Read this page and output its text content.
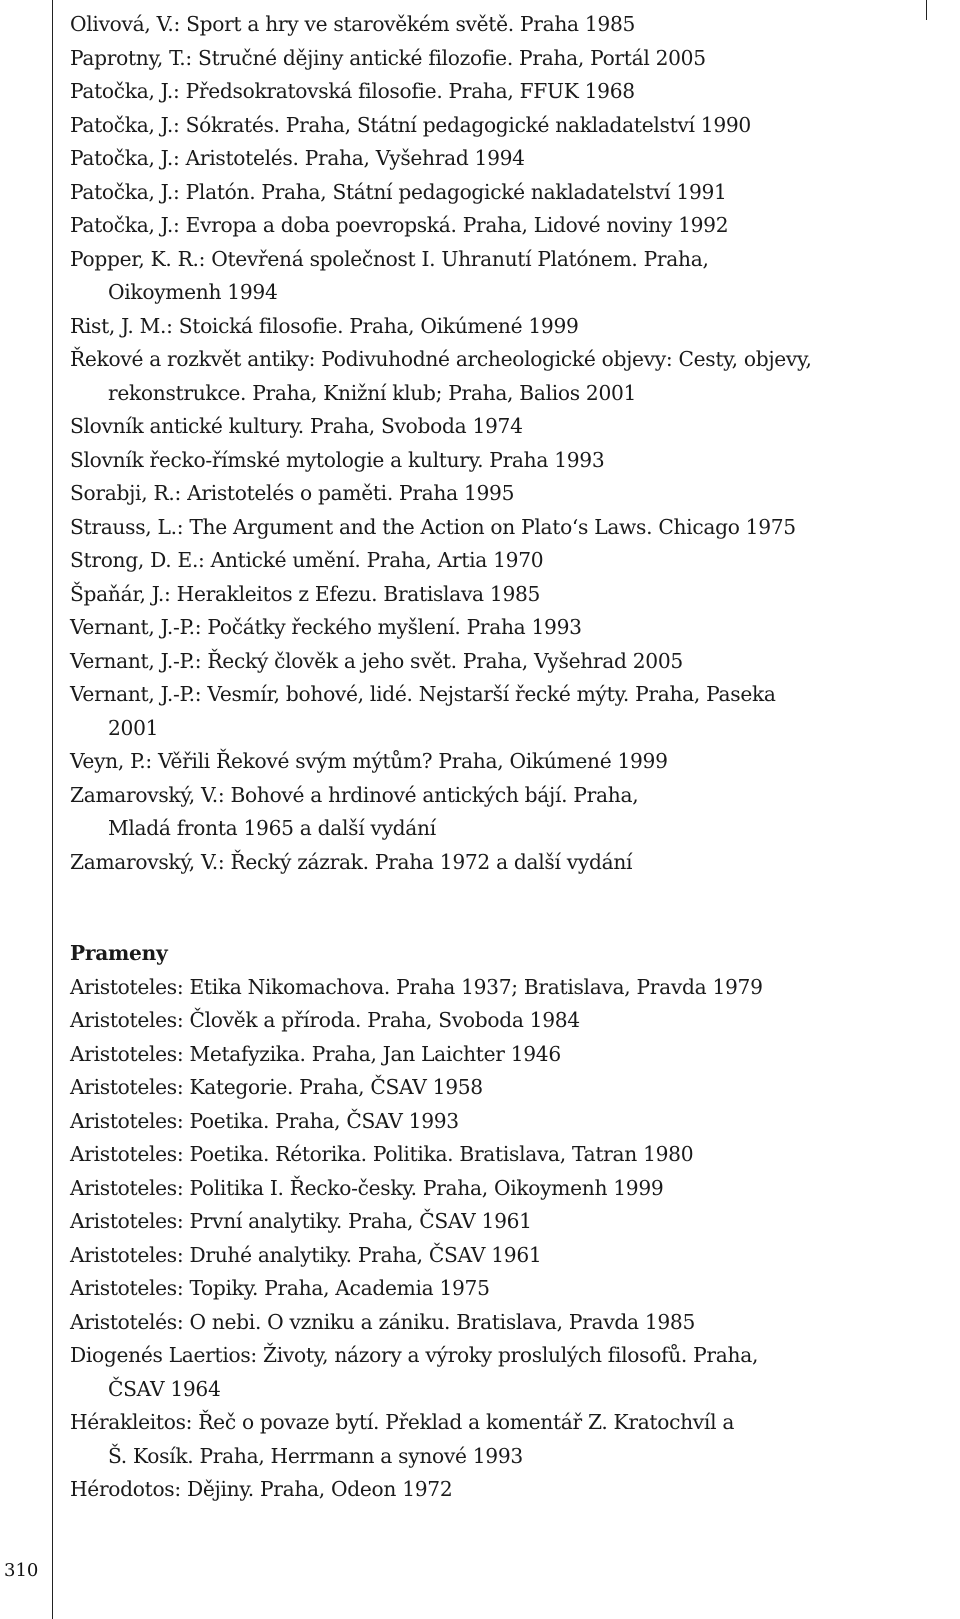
Olivová, V.: Sport a hry ve starověkém světě. Praha 1985

Paprotny, T.: Stručné dějiny antické filozofie. Praha, Portál 2005

Patočka, J.: Předsokratovská filosofie. Praha, FFUK 1968

Patočka, J.: Sókratés. Praha, Státní pedagogické nakladatelství 1990

Patočka, J.: Aristotelés. Praha, Vyšehrad 1994

Patočka, J.: Platón. Praha, Státní pedagogické nakladatelství 1991

Patočka, J.: Evropa a doba poevropská. Praha, Lidové noviny 1992

Popper, K. R.: Otevřená společnost I. Uhranutí Platónem. Praha,
Oikoymenh 1994

Rist, J. M.: Stoická filosofie. Praha, Oikúmené 1999

Řekové a rozkvět antiky: Podivuhodné archeologické objevy: Cesty, objevy,
rekonstrukce. Praha, Knižní klub; Praha, Balios 2001

Slovník antické kultury. Praha, Svoboda 1974

Slovník řecko-římské mytologie a kultury. Praha 1993

Sorabji, R.: Aristotelés o paměti. Praha 1995

Strauss, L.: The Argument and the Action on Plato‘s Laws. Chicago 1975

Strong, D. E.: Antické umění. Praha, Artia 1970

Špaňár, J.: Herakleitos z Efezu. Bratislava 1985

Vernant, J.-P.: Počátky řeckého myšlení. Praha 1993

Vernant, J.-P.: Řecký člověk a jeho svět. Praha, Vyšehrad 2005

Vernant, J.-P.: Vesmír, bohové, lidé. Nejstarší řecké mýty. Praha, Paseka
2001

Veyn, P.: Věřili Řekové svým mýtům? Praha, Oikúmené 1999

Zamarovský, V.: Bohové a hrdinové antických bájí. Praha,
Mladá fronta 1965 a další vydání

Zamarovský, V.: Řecký zázrak. Praha 1972 a další vydání

Prameny

Aristoteles: Etika Nikomachova. Praha 1937; Bratislava, Pravda 1979

Aristoteles: Člověk a příroda. Praha, Svoboda 1984

Aristoteles: Metafyzika. Praha, Jan Laichter 1946

Aristoteles: Kategorie. Praha, ČSAV 1958

Aristoteles: Poetika. Praha, ČSAV 1993

Aristoteles: Poetika. Rétorika. Politika. Bratislava, Tatran 1980

Aristoteles: Politika I. Řecko-česky. Praha, Oikoymenh 1999

Aristoteles: První analytiky. Praha, ČSAV 1961

Aristoteles: Druhé analytiky. Praha, ČSAV 1961

Aristoteles: Topiky. Praha, Academia 1975

Aristotelés: O nebi. O vzniku a zániku. Bratislava, Pravda 1985

Diogenés Laertios: Životy, názory a výroky proslulých filosofů. Praha,
ČSAV 1964

Hérakleitos: Řeč o povaze bytí. Překlad a komentář Z. Kratochvíl a
Š. Kosík. Praha, Herrmann a synové 1993

Hérodotos: Dějiny. Praha, Odeon 1972

310
